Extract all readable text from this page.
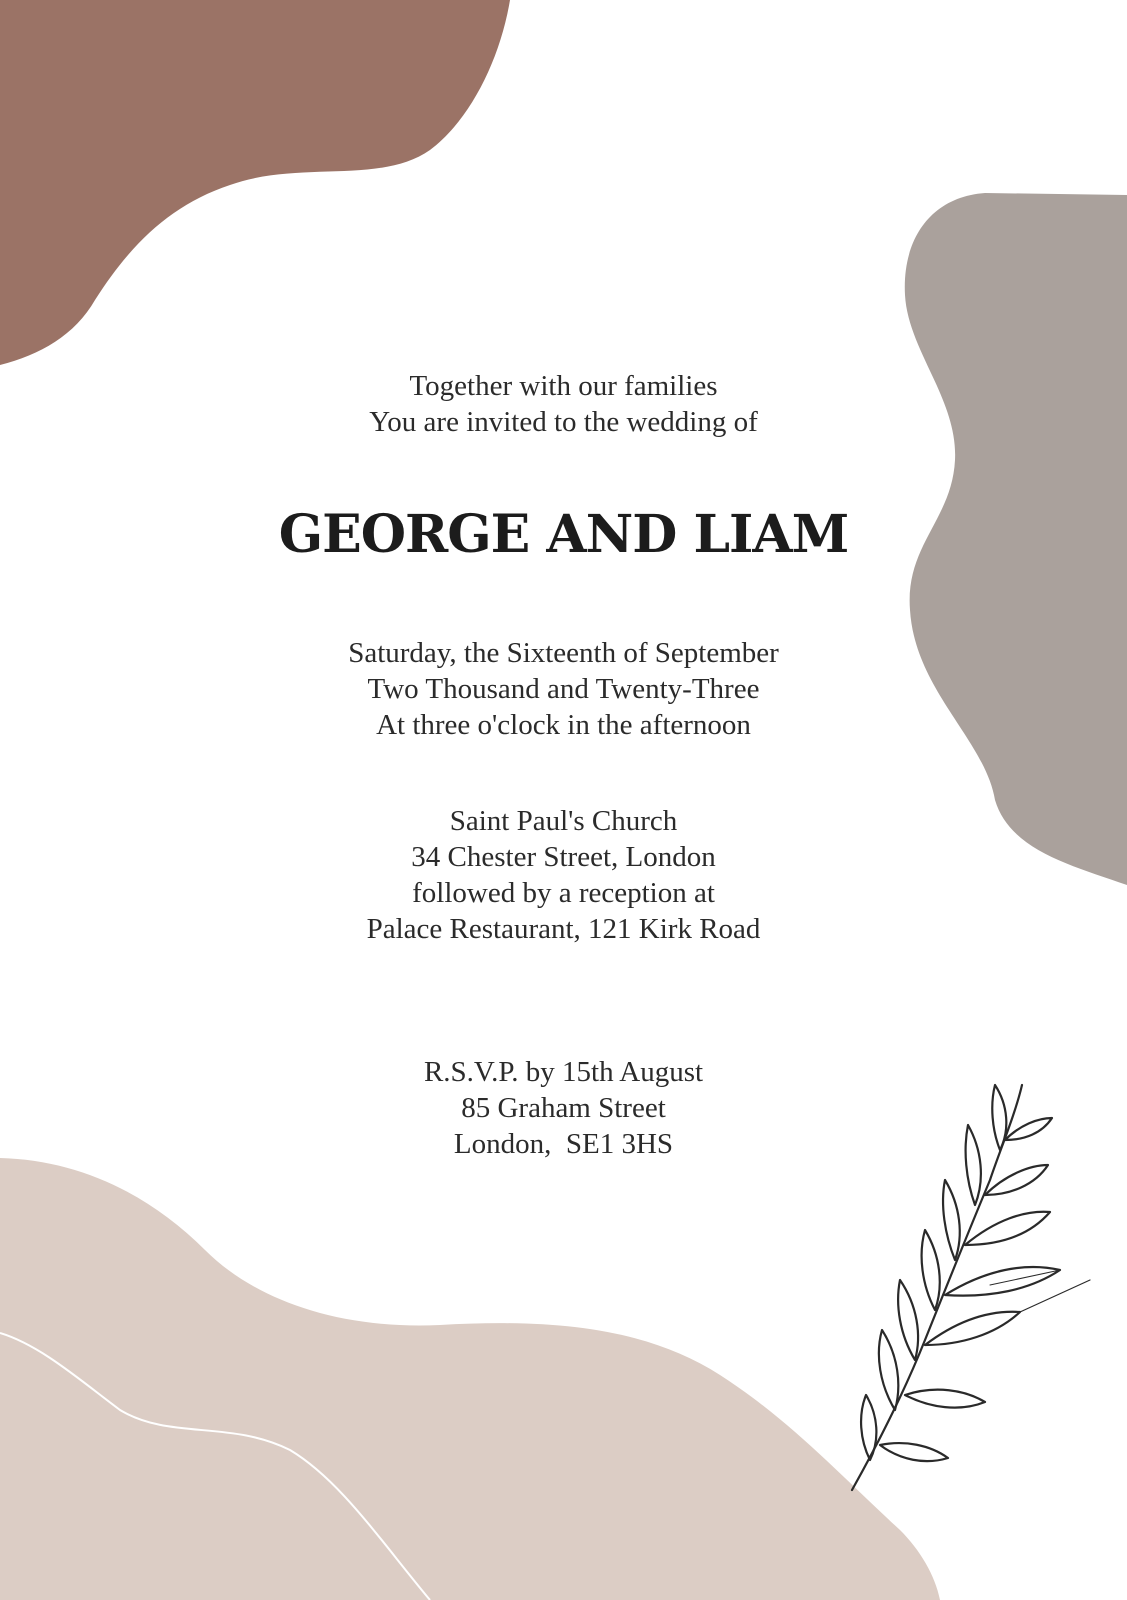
Together with our families
You are invited to the wedding of
GEORGE AND LIAM
Saturday, the Sixteenth of September
Two Thousand and Twenty-Three
At three o'clock in the afternoon
Saint Paul's Church
34 Chester Street, London
followed by a reception at
Palace Restaurant, 121 Kirk Road
R.S.V.P. by 15th August
85 Graham Street
London,  SE1 3HS
